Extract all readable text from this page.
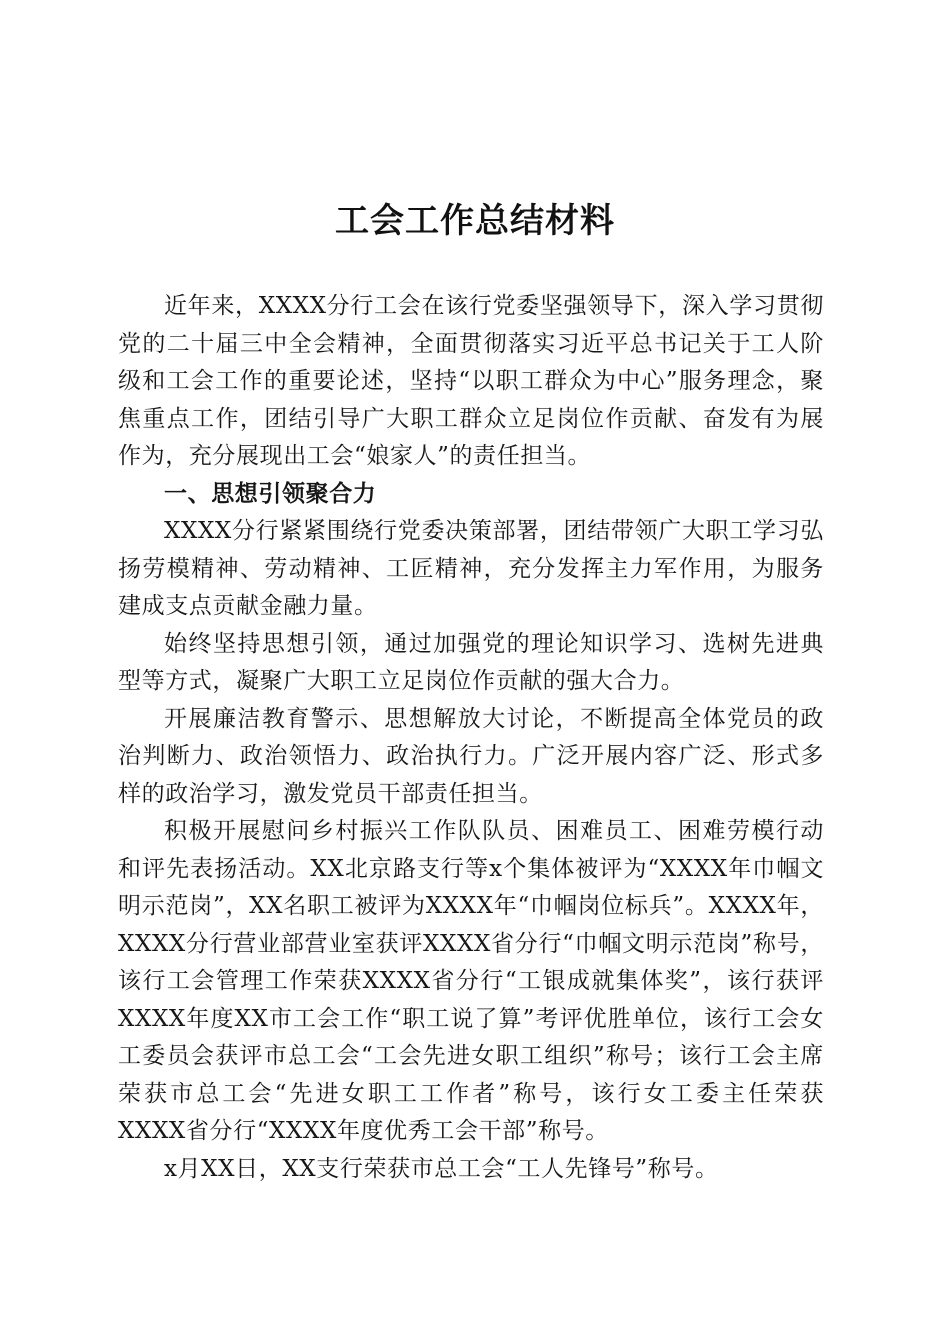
工会工作总结材料

近年来，XXXX分行工会在该行党委坚强领导下，深入学习贯彻党的二十届三中全会精神，全面贯彻落实习近平总书记关于工人阶级和工会工作的重要论述，坚持“以职工群众为中心”服务理念，聚焦重点工作，团结引导广大职工群众立足岗位作贡献、奋发有为展作为，充分展现出工会“娘家人”的责任担当。

一、思想引领聚合力

XXXX分行紧紧围绕行党委决策部署，团结带领广大职工学习弘扬劳模精神、劳动精神、工匠精神，充分发挥主力军作用，为服务建成支点贡献金融力量。

始终坚持思想引领，通过加强党的理论知识学习、选树先进典型等方式，凝聚广大职工立足岗位作贡献的强大合力。

开展廉洁教育警示、思想解放大讨论，不断提高全体党员的政治判断力、政治领悟力、政治执行力。广泛开展内容广泛、形式多样的政治学习，激发党员干部责任担当。

积极开展慰问乡村振兴工作队队员、困难员工、困难劳模行动和评先表扬活动。XX北京路支行等x个集体被评为“XXXX年巾帼文明示范岗”，XX名职工被评为XXXX年“巾帼岗位标兵”。XXXX年，XXXX分行营业部营业室获评XXXX省分行“巾帼文明示范岗”称号，该行工会管理工作荣获XXXX省分行“工银成就集体奖”，该行获评XXXX年度XX市工会工作“职工说了算”考评优胜单位，该行工会女工委员会获评市总工会“工会先进女职工组织”称号；该行工会主席荣获市总工会“先进女职工工作者”称号，该行女工委主任荣获XXXX省分行“XXXX年度优秀工会干部”称号。

x月XX日，XX支行荣获市总工会“工人先锋号”称号。
